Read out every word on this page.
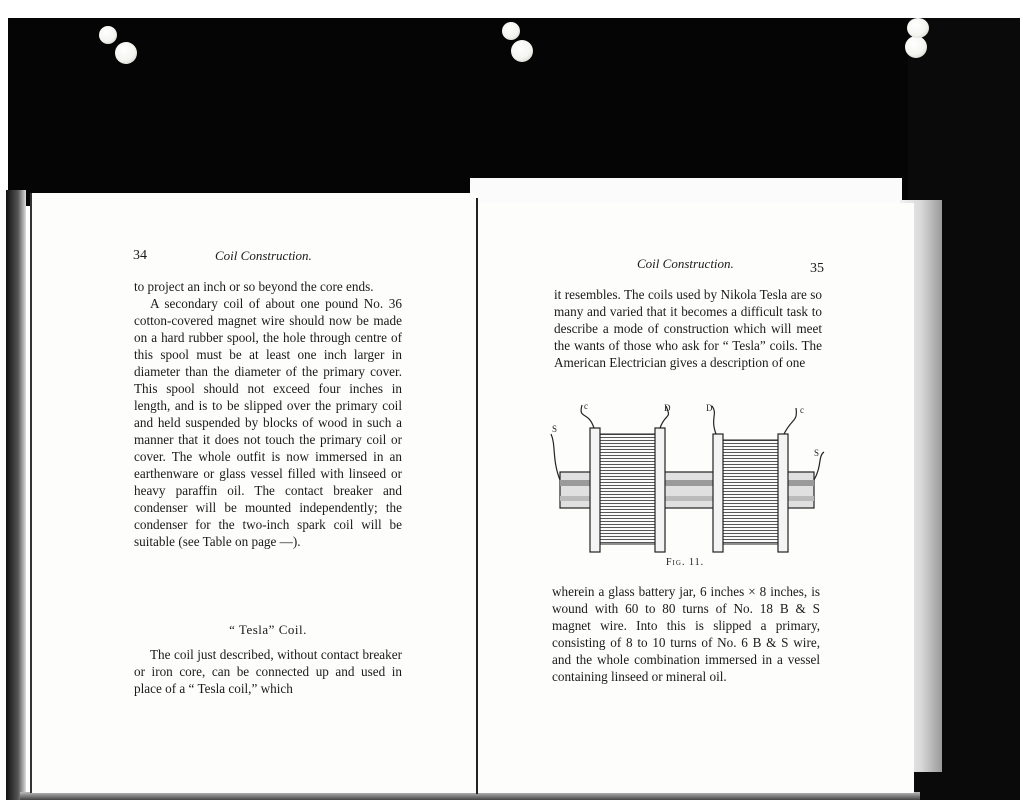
34	Coil Construction.

to project an inch or so beyond the core ends.

A secondary coil of about one pound No. 36 cotton-covered magnet wire should now be made on a hard rubber spool, the hole through centre of this spool must be at least one inch larger in diameter than the diameter of the primary cover. This spool should not exceed four inches in length, and is to be slipped over the primary coil and held suspended by blocks of wood in such a manner that it does not touch the primary coil or cover. The whole outfit is now immersed in an earthenware or glass vessel filled with linseed or heavy paraffin oil. The contact breaker and condenser will be mounted independently; the condenser for the two-inch spark coil will be suitable (see Table on page —).

“ Tesla” Coil.

The coil just described, without contact breaker or iron core, can be connected up and used in place of a “ Tesla coil,” which

Coil Construction.	35

it resembles. The coils used by Nikola Tesla are so many and varied that it becomes a difficult task to describe a mode of construction which will meet the wants of those who ask for “ Tesla” coils. The American Electrician gives a description of one

c	D	D	c
S
S
Fig. 11.

wherein a glass battery jar, 6 inches × 8 inches, is wound with 60 to 80 turns of No. 18 B & S magnet wire. Into this is slipped a primary, consisting of 8 to 10 turns of No. 6 B & S wire, and the whole combination immersed in a vessel containing linseed or mineral oil.
